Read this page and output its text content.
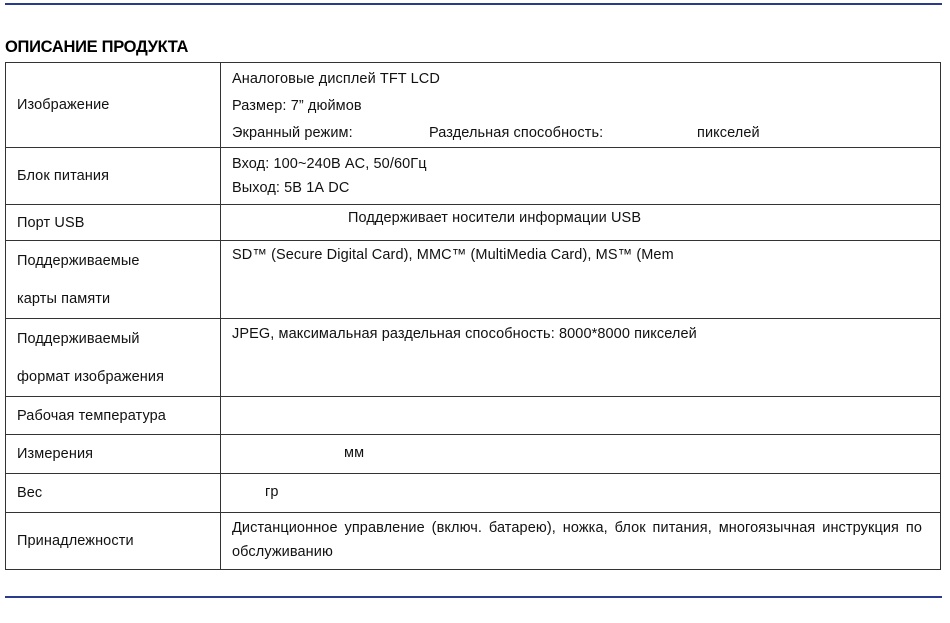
ОПИСАНИЕ ПРОДУКТА
Изображение	Аналоговые дисплей TFT LCD
Размер: 7” дюймов
Экранный режим: Раздельная способность: пикселей

Блок питания	Вход: 100~240В AC, 50/60Гц
Выход: 5В 1А DC

Порт USB	Поддерживает носители информации USB

Поддерживаемые
карты памяти	SD™ (Secure Digital Card), MMC™ (MultiMedia Card), MS™ (Mem

Поддерживаемый
формат изображения	JPEG, максимальная раздельная способность: 8000*8000 пикселей

Рабочая температура	

Измерения	мм

Вес	гр

Принадлежности	Дистанционное управление (включ. батарею), ножка, блок питания, многоязычная инструкция по обслуживанию
